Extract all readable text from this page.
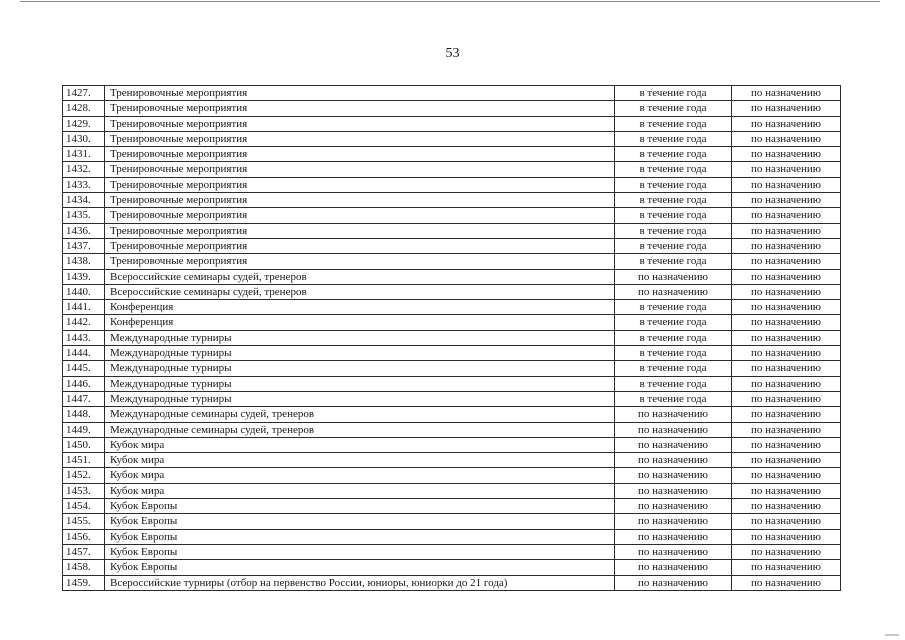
53
1427.	Тренировочные мероприятия	в течение года	по назначению
1428.	Тренировочные мероприятия	в течение года	по назначению
1429.	Тренировочные мероприятия	в течение года	по назначению
1430.	Тренировочные мероприятия	в течение года	по назначению
1431.	Тренировочные мероприятия	в течение года	по назначению
1432.	Тренировочные мероприятия	в течение года	по назначению
1433.	Тренировочные мероприятия	в течение года	по назначению
1434.	Тренировочные мероприятия	в течение года	по назначению
1435.	Тренировочные мероприятия	в течение года	по назначению
1436.	Тренировочные мероприятия	в течение года	по назначению
1437.	Тренировочные мероприятия	в течение года	по назначению
1438.	Тренировочные мероприятия	в течение года	по назначению
1439.	Всероссийские семинары судей, тренеров	по назначению	по назначению
1440.	Всероссийские семинары судей, тренеров	по назначению	по назначению
1441.	Конференция	в течение года	по назначению
1442.	Конференция	в течение года	по назначению
1443.	Международные турниры	в течение года	по назначению
1444.	Международные турниры	в течение года	по назначению
1445.	Международные турниры	в течение года	по назначению
1446.	Международные турниры	в течение года	по назначению
1447.	Международные турниры	в течение года	по назначению
1448.	Международные семинары судей, тренеров	по назначению	по назначению
1449.	Международные семинары судей, тренеров	по назначению	по назначению
1450.	Кубок мира	по назначению	по назначению
1451.	Кубок мира	по назначению	по назначению
1452.	Кубок мира	по назначению	по назначению
1453.	Кубок мира	по назначению	по назначению
1454.	Кубок Европы	по назначению	по назначению
1455.	Кубок Европы	по назначению	по назначению
1456.	Кубок Европы	по назначению	по назначению
1457.	Кубок Европы	по назначению	по назначению
1458.	Кубок Европы	по назначению	по назначению
1459.	Всероссийские турниры (отбор на первенство России, юниоры, юниорки до 21 года)	по назначению	по назначению
